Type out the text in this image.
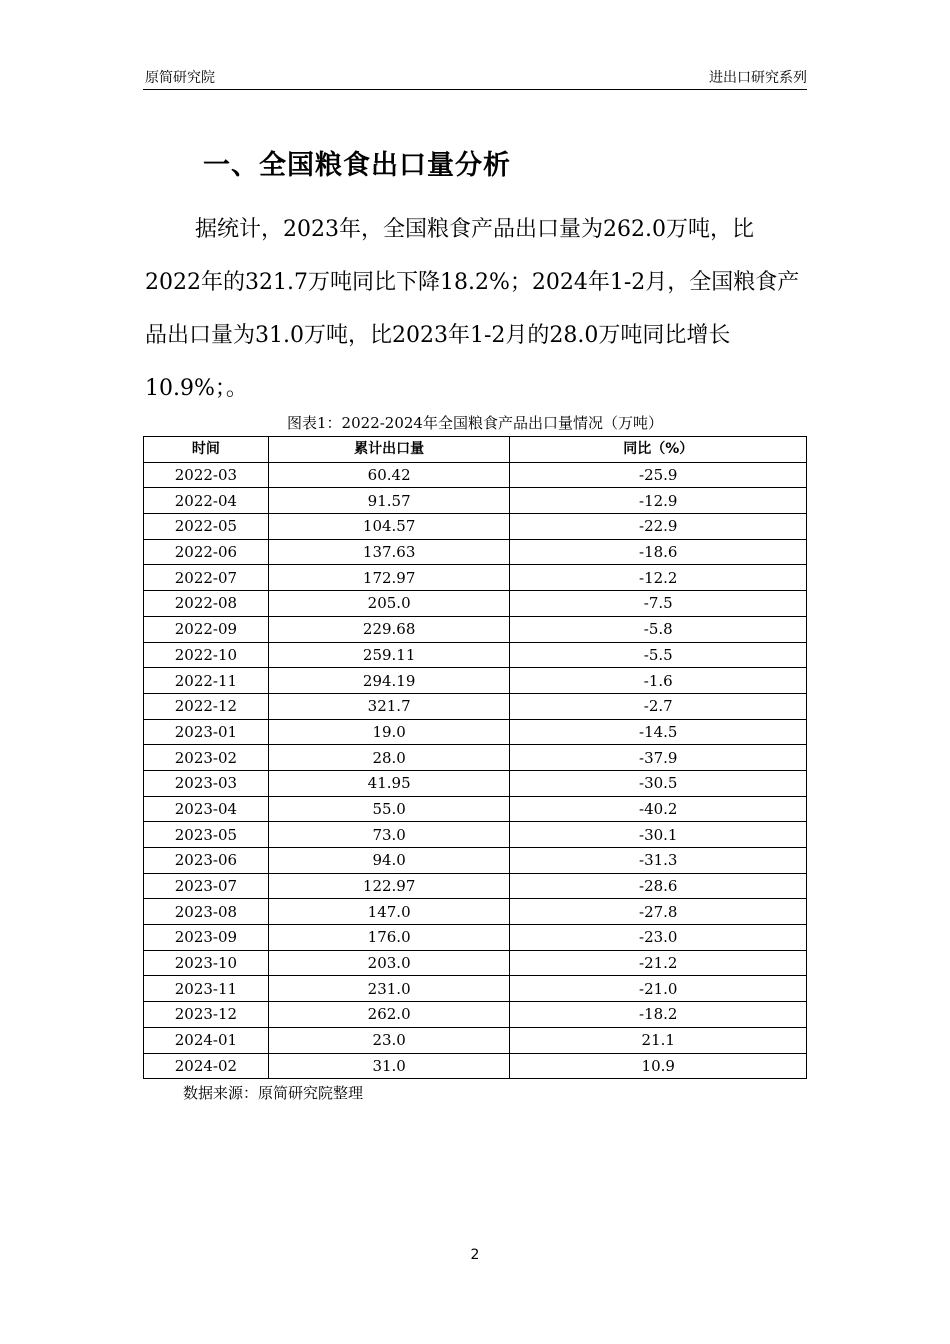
原简研究院	进出口研究系列
一、全国粮食出口量分析
据统计，2023年，全国粮食产品出口量为262.0万吨，比2022年的321.7万吨同比下降18.2%；2024年1-2月，全国粮食产品出口量为31.0万吨，比2023年1-2月的28.0万吨同比增长10.9%；。
图表1：2022-2024年全国粮食产品出口量情况（万吨）
时间	累计出口量	同比（%）
2022-03	60.42	-25.9
2022-04	91.57	-12.9
2022-05	104.57	-22.9
2022-06	137.63	-18.6
2022-07	172.97	-12.2
2022-08	205.0	-7.5
2022-09	229.68	-5.8
2022-10	259.11	-5.5
2022-11	294.19	-1.6
2022-12	321.7	-2.7
2023-01	19.0	-14.5
2023-02	28.0	-37.9
2023-03	41.95	-30.5
2023-04	55.0	-40.2
2023-05	73.0	-30.1
2023-06	94.0	-31.3
2023-07	122.97	-28.6
2023-08	147.0	-27.8
2023-09	176.0	-23.0
2023-10	203.0	-21.2
2023-11	231.0	-21.0
2023-12	262.0	-18.2
2024-01	23.0	21.1
2024-02	31.0	10.9
数据来源：原简研究院整理
2
